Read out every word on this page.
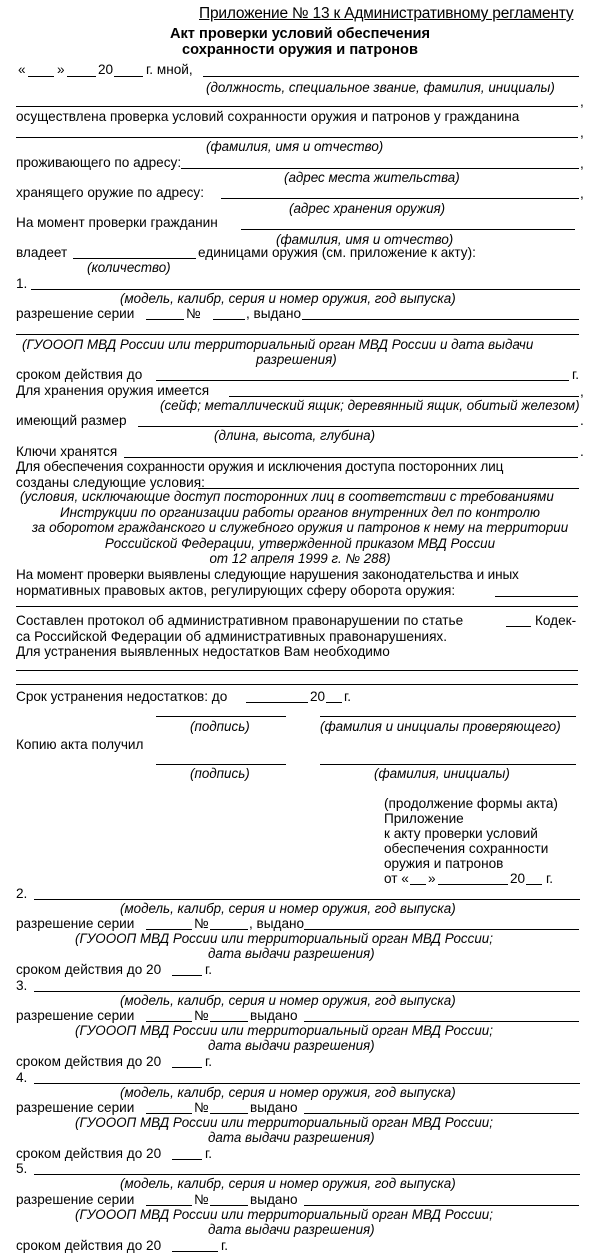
Приложение № 13 к Административному регламенту
Акт проверки условий обеспечения
сохранности оружия и патронов
« » 20 г. мной,
(должность, специальное звание, фамилия, инициалы)
,
осуществлена проверка условий сохранности оружия и патронов у гражданина
,
(фамилия, имя и отчество)
проживающего по адресу:	,
(адрес места жительства)
хранящего оружие по адресу:	,
(адрес хранения оружия)
На момент проверки гражданин
(фамилия, имя и отчество)
владеет	единицами оружия (см. приложение к акту):
(количество)
1.
(модель, калибр, серия и номер оружия, год выпуска)
разрешение серии	№	, выдано
(ГУОООП МВД России или территориальный орган МВД России и дата выдачи
разрешения)
сроком действия до	г.
Для хранения оружия имеется	,
(сейф; металлический ящик; деревянный ящик, обитый железом)
имеющий размер	.
(длина, высота, глубина)
Ключи хранятся	.
Для обеспечения сохранности оружия и исключения доступа посторонних лиц
созданы следующие условия:
(условия, исключающие доступ посторонних лиц в соответствии с требованиями
Инструкции по организации работы органов внутренних дел по контролю
за оборотом гражданского и служебного оружия и патронов к нему на территории
Российской Федерации, утвержденной приказом МВД России
от 12 апреля 1999 г. № 288)
На момент проверки выявлены следующие нарушения законодательства и иных
нормативных правовых актов, регулирующих сферу оборота оружия:
Составлен протокол об административном правонарушении по статье	Кодек-
са Российской Федерации об административных правонарушениях.
Для устранения выявленных недостатков Вам необходимо
Срок устранения недостатков: до	20 г.
(подпись)	(фамилия и инициалы проверяющего)
Копию акта получил
(подпись)	(фамилия, инициалы)
(продолжение формы акта)
Приложение
к акту проверки условий
обеспечения сохранности
оружия и патронов
от « »	20 г.
2.
(модель, калибр, серия и номер оружия, год выпуска)
разрешение серии	№	, выдано
(ГУОООП МВД России или территориальный орган МВД России;
дата выдачи разрешения)
сроком действия до 20	г.
3.
(модель, калибр, серия и номер оружия, год выпуска)
разрешение серии	№	выдано
(ГУОООП МВД России или территориальный орган МВД России;
дата выдачи разрешения)
сроком действия до 20	г.
4.
(модель, калибр, серия и номер оружия, год выпуска)
разрешение серии	№	выдано
(ГУОООП МВД России или территориальный орган МВД России;
дата выдачи разрешения)
сроком действия до 20	г.
5.
(модель, калибр, серия и номер оружия, год выпуска)
разрешение серии	№	выдано
(ГУОООП МВД России или территориальный орган МВД России;
дата выдачи разрешения)
сроком действия до 20	г.
